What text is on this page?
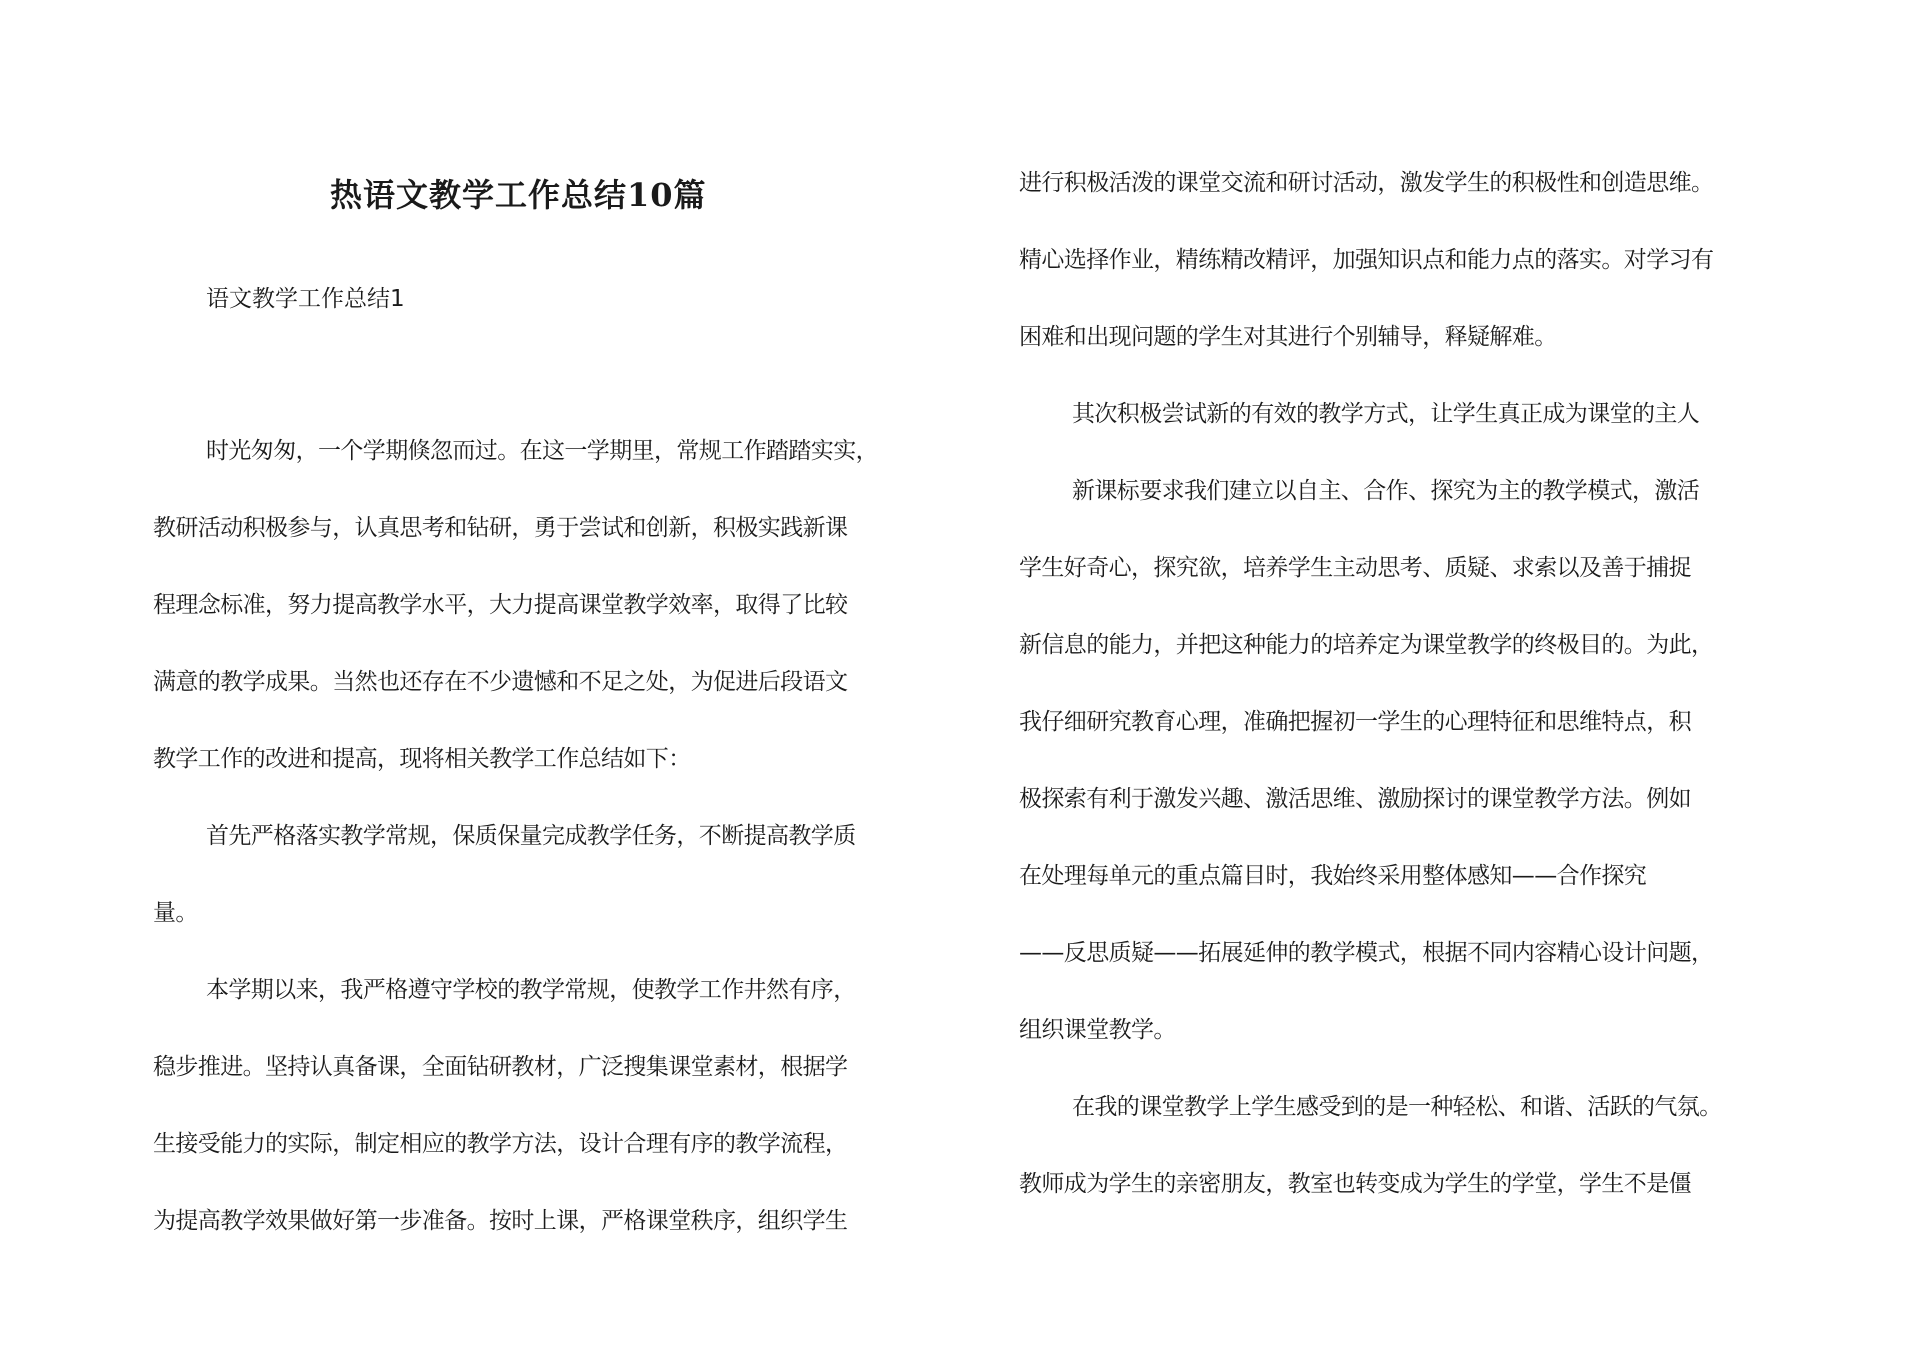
热语文教学工作总结10篇
语文教学工作总结1
时光匆匆，一个学期倏忽而过。在这一学期里，常规工作踏踏实实，
教研活动积极参与，认真思考和钻研，勇于尝试和创新，积极实践新课
程理念标准，努力提高教学水平，大力提高课堂教学效率，取得了比较
满意的教学成果。当然也还存在不少遗憾和不足之处，为促进后段语文
教学工作的改进和提高，现将相关教学工作总结如下：
首先严格落实教学常规，保质保量完成教学任务，不断提高教学质
量。
本学期以来，我严格遵守学校的教学常规，使教学工作井然有序，
稳步推进。坚持认真备课，全面钻研教材，广泛搜集课堂素材，根据学
生接受能力的实际，制定相应的教学方法，设计合理有序的教学流程，
为提高教学效果做好第一步准备。按时上课，严格课堂秩序，组织学生
进行积极活泼的课堂交流和研讨活动，激发学生的积极性和创造思维。
精心选择作业，精练精改精评，加强知识点和能力点的落实。对学习有
困难和出现问题的学生对其进行个别辅导，释疑解难。
其次积极尝试新的有效的教学方式，让学生真正成为课堂的主人
新课标要求我们建立以自主、合作、探究为主的教学模式，激活
学生好奇心，探究欲，培养学生主动思考、质疑、求索以及善于捕捉
新信息的能力，并把这种能力的培养定为课堂教学的终极目的。为此，
我仔细研究教育心理，准确把握初一学生的心理特征和思维特点，积
极探索有利于激发兴趣、激活思维、激励探讨的课堂教学方法。例如
在处理每单元的重点篇目时，我始终采用整体感知——合作探究
——反思质疑——拓展延伸的教学模式，根据不同内容精心设计问题，
组织课堂教学。
在我的课堂教学上学生感受到的是一种轻松、和谐、活跃的气氛。
教师成为学生的亲密朋友，教室也转变成为学生的学堂，学生不是僵
